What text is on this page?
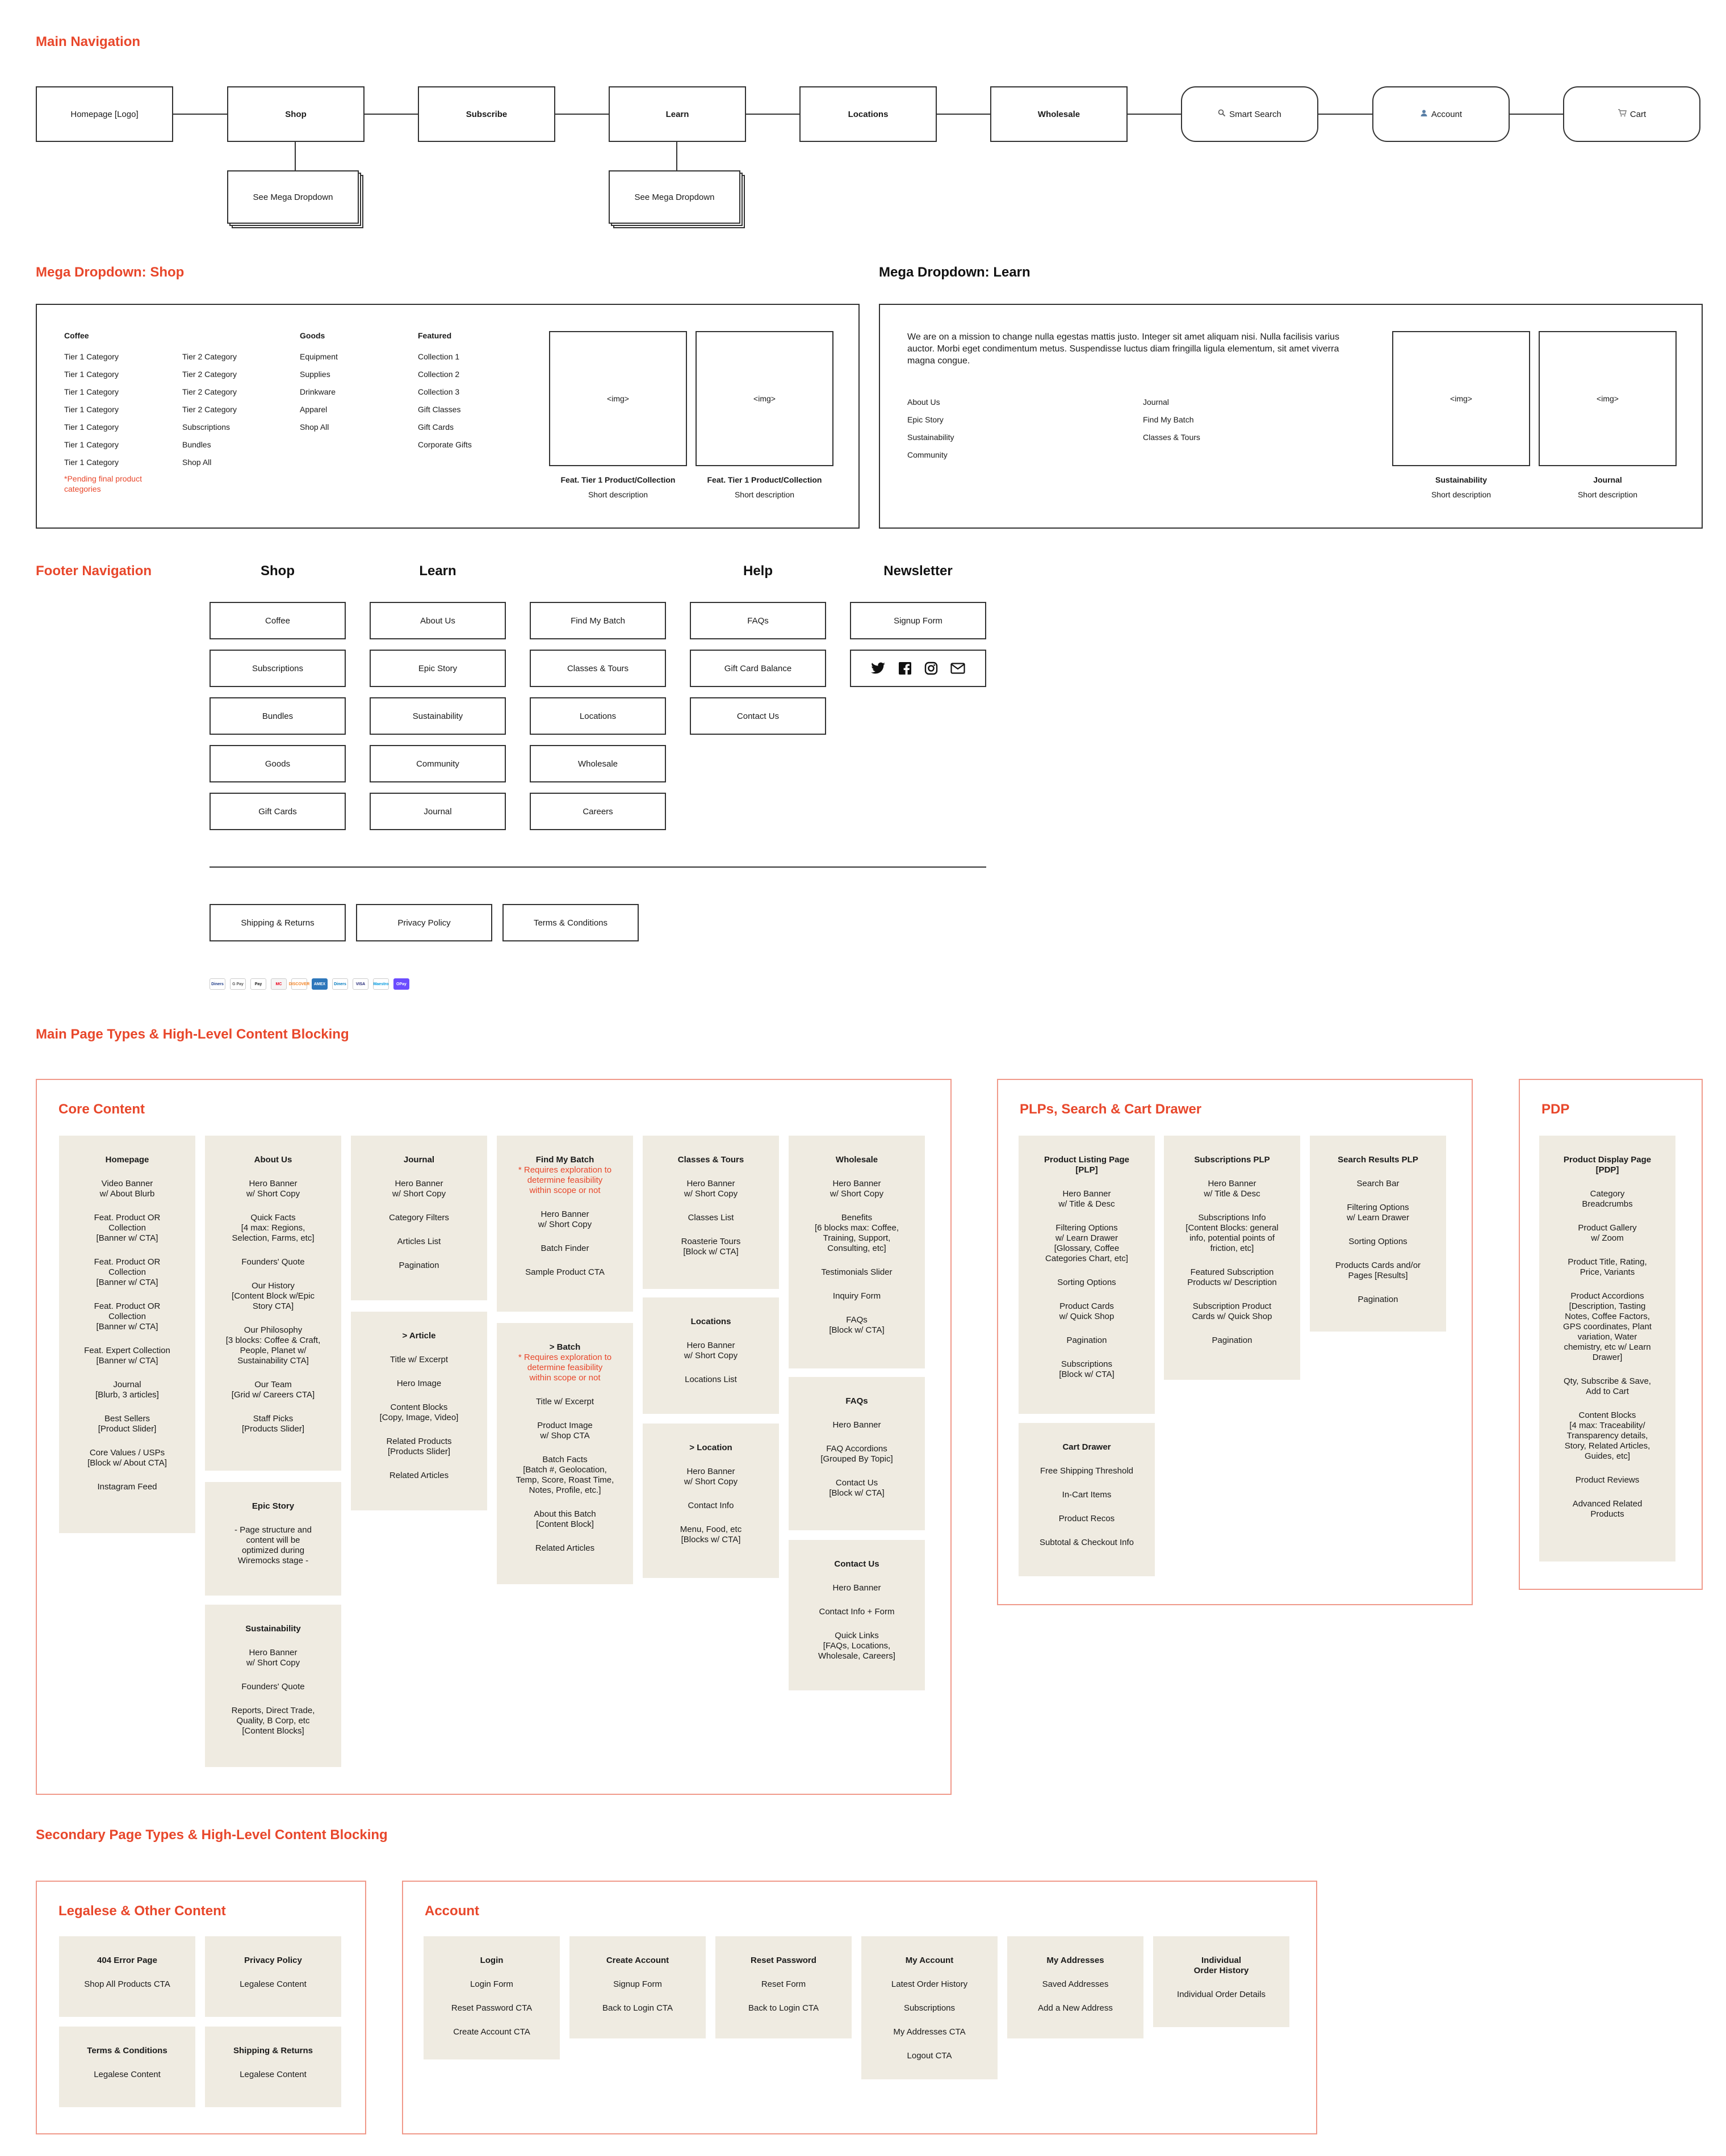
Main Navigation
Homepage [Logo]	Shop	Subscribe	Learn	Locations	Wholesale	Smart Search	Account	Cart
See Mega Dropdown	See Mega Dropdown
Mega Dropdown: Shop
Coffee
Tier 1 Category
Tier 1 Category
Tier 1 Category
Tier 1 Category
Tier 1 Category
Tier 1 Category
Tier 1 Category
*Pending final product categories

Tier 2 Category
Tier 2 Category
Tier 2 Category
Tier 2 Category
Subscriptions
Bundles
Shop All
Goods
Equipment
Supplies
Drinkware
Apparel
Shop All
Featured
Collection 1
Collection 2
Collection 3
Gift Classes
Gift Cards
Corporate Gifts
<img>	<img>
Feat. Tier 1 Product/Collection
Short description
Feat. Tier 1 Product/Collection
Short description
Mega Dropdown: Learn
We are on a mission to change nulla egestas mattis justo. Integer sit amet aliquam nisi. Nulla facilisis varius auctor. Morbi eget condimentum metus. Suspendisse luctus diam fringilla ligula elementum, sit amet viverra magna congue.
About Us
Epic Story
Sustainability
Community
Journal
Find My Batch
Classes & Tours
<img>	<img>
Sustainability
Short description
Journal
Short description
Footer Navigation	Shop	Learn	Help	Newsletter
Coffee
Subscriptions
Bundles
Goods
Gift Cards
About Us
Epic Story
Sustainability
Community
Journal
Find My Batch
Classes & Tours
Locations
Wholesale
Careers
FAQs
Gift Card Balance
Contact Us
Signup Form
Shipping & Returns	Privacy Policy	Terms & Conditions
Diners	G Pay	Pay	MC	DISCOVER	AMEX	Diners	VISA	Maestro	OPay
Main Page Types & High-Level Content Blocking
Core Content	PLPs, Search & Cart Drawer	PDP
Secondary Page Types & High-Level Content Blocking
Legalese & Other Content	Account
Homepage
Video Banner
w/ About Blurb
Feat. Product OR
Collection
[Banner w/ CTA]
Feat. Product OR
Collection
[Banner w/ CTA]
Feat. Product OR
Collection
[Banner w/ CTA]
Feat. Expert Collection
[Banner w/ CTA]
Journal
[Blurb, 3 articles]
Best Sellers
[Product Slider]
Core Values / USPs
[Block w/ About CTA]
Instagram Feed
About Us
Hero Banner
w/ Short Copy
Quick Facts
[4 max: Regions,
Selection, Farms, etc]
Founders' Quote
Our History
[Content Block w/Epic
Story CTA]
Our Philosophy
[3 blocks: Coffee & Craft,
People, Planet w/
Sustainability CTA]
Our Team
[Grid w/ Careers CTA]
Staff Picks
[Products Slider]
Epic Story
- Page structure and
content will be
optimized during
Wiremocks stage -
Sustainability
Hero Banner
w/ Short Copy
Founders' Quote
Reports, Direct Trade,
Quality, B Corp, etc
[Content Blocks]
Journal
Hero Banner
w/ Short Copy
Category Filters
Articles List
Pagination
> Article
Title w/ Excerpt
Hero Image
Content Blocks
[Copy, Image, Video]
Related Products
[Products Slider]
Related Articles
Find My Batch
* Requires exploration to
determine feasibility
within scope or not
Hero Banner
w/ Short Copy
Batch Finder
Sample Product CTA
> Batch
* Requires exploration to
determine feasibility
within scope or not
Title w/ Excerpt
Product Image
w/ Shop CTA
Batch Facts
[Batch #, Geolocation,
Temp, Score, Roast Time,
Notes, Profile, etc.]
About this Batch
[Content Block]
Related Articles
Classes & Tours
Hero Banner
w/ Short Copy
Classes List
Roasterie Tours
[Block w/ CTA]
Locations
Hero Banner
w/ Short Copy
Locations List
> Location
Hero Banner
w/ Short Copy
Contact Info
Menu, Food, etc
[Blocks w/ CTA]
Wholesale
Hero Banner
w/ Short Copy
Benefits
[6 blocks max: Coffee,
Training, Support,
Consulting, etc]
Testimonials Slider
Inquiry Form
FAQs
[Block w/ CTA]
FAQs
Hero Banner
FAQ Accordions
[Grouped By Topic]
Contact Us
[Block w/ CTA]
Contact Us
Hero Banner
Contact Info + Form
Quick Links
[FAQs, Locations,
Wholesale, Careers]
Product Listing Page
[PLP]
Hero Banner
w/ Title & Desc
Filtering Options
w/ Learn Drawer
[Glossary, Coffee
Categories Chart, etc]
Sorting Options
Product Cards
w/ Quick Shop
Pagination
Subscriptions
[Block w/ CTA]
Subscriptions PLP
Hero Banner
w/ Title & Desc
Subscriptions Info
[Content Blocks: general
info, potential points of
friction, etc]
Featured Subscription
Products w/ Description
Subscription Product
Cards w/ Quick Shop
Pagination
Search Results PLP
Search Bar
Filtering Options
w/ Learn Drawer
Sorting Options
Products Cards and/or
Pages [Results]
Pagination
Cart Drawer
Free Shipping Threshold
In-Cart Items
Product Recos
Subtotal & Checkout Info
Product Display Page
[PDP]
Category
Breadcrumbs
Product Gallery
w/ Zoom
Product Title, Rating,
Price, Variants
Product Accordions
[Description, Tasting
Notes, Coffee Factors,
GPS coordinates, Plant
variation, Water
chemistry, etc w/ Learn
Drawer]
Qty, Subscribe & Save,
Add to Cart
Content Blocks
[4 max: Traceability/
Transparency details,
Story, Related Articles,
Guides, etc]
Product Reviews
Advanced Related
Products
404 Error Page
Shop All Products CTA
Privacy Policy
Legalese Content
Terms & Conditions
Legalese Content
Shipping & Returns
Legalese Content
Login
Login Form
Reset Password CTA
Create Account CTA
Create Account
Signup Form
Back to Login CTA
Reset Password
Reset Form
Back to Login CTA
My Account
Latest Order History
Subscriptions
My Addresses CTA
Logout CTA
My Addresses
Saved Addresses
Add a New Address
Individual
Order History
Individual Order Details
